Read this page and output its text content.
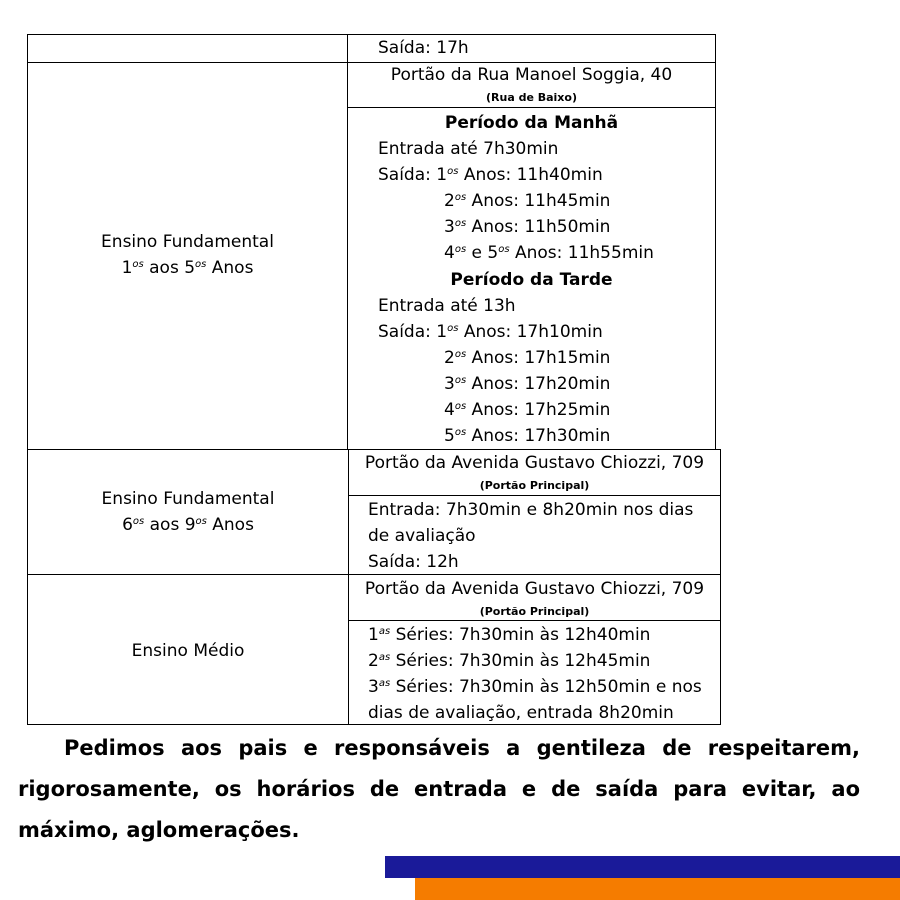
Saída: 17h
Ensino Fundamental
$1^{os}$ aos $5^{os}$ Anos
Portão da Rua Manoel Soggia, 40
(Rua de Baixo)
Período da Manhã
Entrada até 7h30min
Saída: $1^{os}$ Anos: 11h40min
$2^{os}$ Anos: 11h45min
$3^{os}$ Anos: 11h50min
$4^{os}$ e $5^{os}$ Anos: 11h55min
Período da Tarde
Entrada até 13h
Saída: $1^{os}$ Anos: 17h10min
$2^{os}$ Anos: 17h15min
$3^{os}$ Anos: 17h20min
$4^{os}$ Anos: 17h25min
$5^{os}$ Anos: 17h30min
Ensino Fundamental
$6^{os}$ aos $9^{os}$ Anos
Portão da Avenida Gustavo Chiozzi, 709
(Portão Principal)
Entrada: 7h30min e 8h20min nos dias
de avaliação
Saída: 12h
Ensino Médio
Portão da Avenida Gustavo Chiozzi, 709
(Portão Principal)
$1^{as}$ Séries: 7h30min às 12h40min
$2^{as}$ Séries: 7h30min às 12h45min
$3^{as}$ Séries: 7h30min às 12h50min e nos
dias de avaliação, entrada 8h20min
Pedimos aos pais e responsáveis a gentileza de respeitarem, rigorosamente, os horários de entrada e de saída para evitar, ao máximo, aglomerações.
